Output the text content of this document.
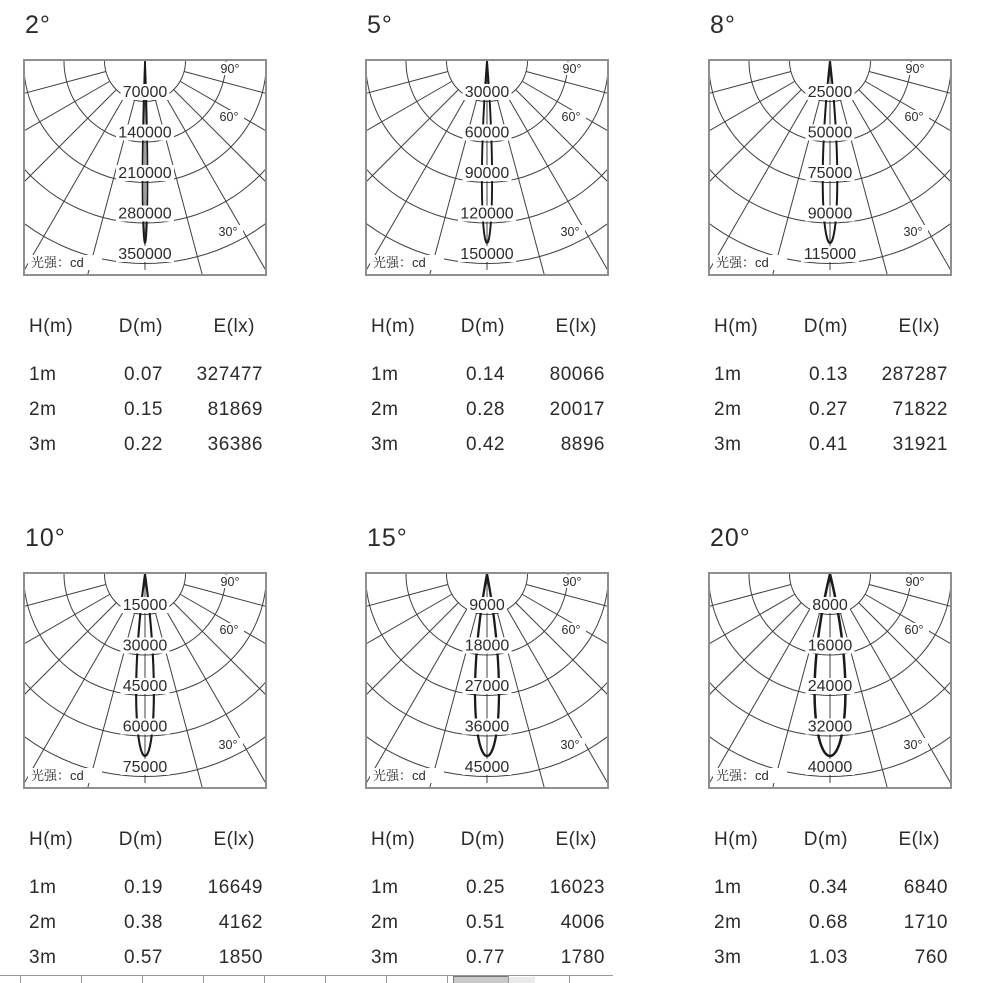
2°
70000
140000
210000
280000
350000
90°
60°
30°
光强：cd
H(m)	D(m)	E(lx)
1m	0.07	327477
2m	0.15	81869
3m	0.22	36386
5°
30000
60000
90000
120000
150000
90°
60°
30°
光强：cd
H(m)	D(m)	E(lx)
1m	0.14	80066
2m	0.28	20017
3m	0.42	8896
8°
25000
50000
75000
90000
115000
90°
60°
30°
光强：cd
H(m)	D(m)	E(lx)
1m	0.13	287287
2m	0.27	71822
3m	0.41	31921
10°
15000
30000
45000
60000
75000
90°
60°
30°
光强：cd
H(m)	D(m)	E(lx)
1m	0.19	16649
2m	0.38	4162
3m	0.57	1850
15°
9000
18000
27000
36000
45000
90°
60°
30°
光强：cd
H(m)	D(m)	E(lx)
1m	0.25	16023
2m	0.51	4006
3m	0.77	1780
20°
8000
16000
24000
32000
40000
90°
60°
30°
光强：cd
H(m)	D(m)	E(lx)
1m	0.34	6840
2m	0.68	1710
3m	1.03	760
